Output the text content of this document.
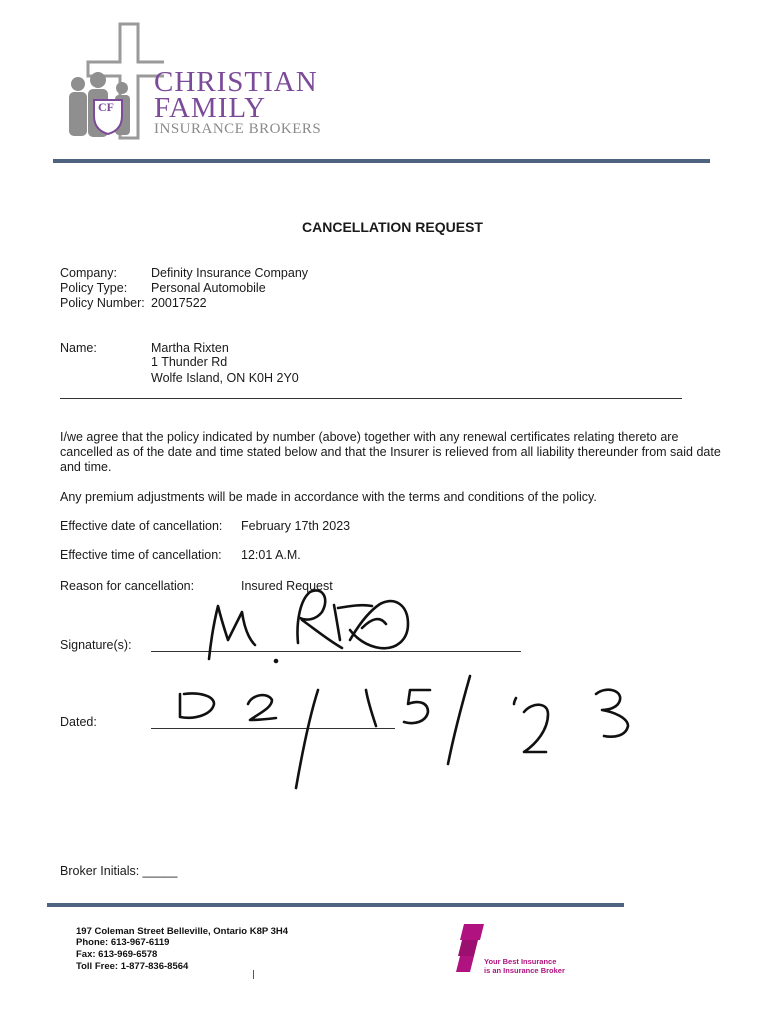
CF
CHRISTIAN
FAMILY
INSURANCE BROKERS
CANCELLATION REQUEST
Company:	Definity Insurance Company
Policy Type: Personal Automobile
Policy Number: 20017522
Name:	Martha Rixten
1 Thunder Rd
Wolfe Island, ON K0H 2Y0
I/we agree that the policy indicated by number (above) together with any renewal certificates relating thereto are cancelled as of the date and time stated below and that the Insurer is relieved from all liability thereunder from said date and time.
Any premium adjustments will be made in accordance with the terms and conditions of the policy.
Effective date of cancellation: February 17th 2023
Effective time of cancellation: 12:01 A.M.
Reason for cancellation:	Insured Request
Signature(s):
Dated:
Broker Initials: _____
197 Coleman Street Belleville, Ontario K8P 3H4
Phone: 613-967-6119
Fax: 613-969-6578
Toll Free: 1-877-836-8564	Your Best Insurance
is an Insurance Broker
